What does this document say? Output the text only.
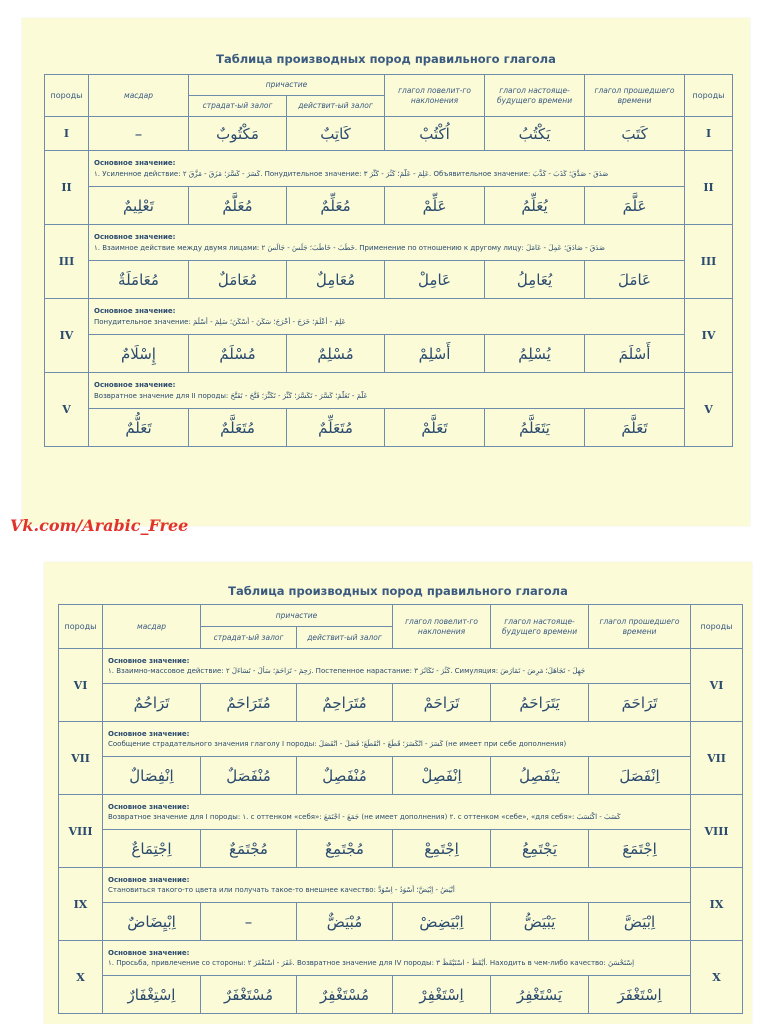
Таблица производных пород правильного глагола
породы	масдар	причастие		глагол повелит-го наклонения	глагол настояще-будущего времени	глагол прошедшего времени	породы
		страдат-ый залог	действит-ый залог				
I	–	مَكْتُوبٌ	كَاتِبٌ	اُكْتُبْ	يَكْتُبُ	كَتَبَ	I
II	Основное значение:
١. Усиленное действие: كَسَرَ - كَسَّرَ؛ مَزَقَ - مَزَّقَ ٢. Понудительное значение: عَلِمَ - عَلَّمَ؛ كَثُرَ - كَثَّرَ ٣. Объявительное значение: صَدَقَ - صَدَّقَ؛ كَذَبَ - كَذَّبَ						II
	تَعْلِيمٌ	مُعَلَّمٌ	مُعَلِّمٌ	عَلِّمْ	يُعَلِّمُ	عَلَّمَ	
III	Основное значение:
١. Взаимное действие между двумя лицами: خَطَبَ - خَاطَبَ؛ جَلَسَ - جَالَسَ ٢. Применение по отношению к другому лицу: صَدَقَ - صَادَقَ؛ عَمِلَ - عَامَلَ						III
	مُعَامَلَةٌ	مُعَامَلٌ	مُعَامِلٌ	عَامِلْ	يُعَامِلُ	عَامَلَ	
IV	Основное значение:
Понудительное значение: عَلِمَ - أَعْلَمَ؛ خَرَجَ - أَخْرَجَ؛ سَكَنَ - أَسْكَنَ؛ سَلِمَ - أَسْلَمَ						IV
	إِسْلَامٌ	مُسْلَمٌ	مُسْلِمٌ	أَسْلِمْ	يُسْلِمُ	أَسْلَمَ	
V	Основное значение:
Возвратное значение для II породы: عَلَّمَ - تَعَلَّمَ؛ كَسَّرَ - تَكَسَّرَ؛ كَثَّرَ - تَكَثَّرَ؛ فَتَّحَ - تَفَتَّحَ						V
	تَعَلُّمٌ	مُتَعَلَّمٌ	مُتَعَلِّمٌ	تَعَلَّمْ	يَتَعَلَّمُ	تَعَلَّمَ	
Vk.com/Arabic_Free
Таблица производных пород правильного глагола
породы	масдар	причастие		глагол повелит-го наклонения	глагол настояще-будущего времени	глагол прошедшего времени	породы
		страдат-ый залог	действит-ый залог				
VI	Основное значение:
١. Взаимно-массовое действие: رَحِمَ - تَرَاحَمَ؛ سَأَلَ - تَسَاءَلَ ٢. Постепенное нарастание: كَثُرَ - تَكَاثَرَ ٣. Симуляция: جَهِلَ - تَجَاهَلَ؛ مَرِضَ - تَمَارَضَ						VI
	تَرَاحُمٌ	مُتَرَاحَمٌ	مُتَرَاحِمٌ	تَرَاحَمْ	يَتَرَاحَمُ	تَرَاحَمَ	
VII	Основное значение:
Сообщение страдательного значения глаголу I породы: كَسَرَ - انْكَسَرَ؛ قَطَعَ - انْقَطَعَ؛ فَصَلَ - انْفَصَلَ (не имеет при себе дополнения)						VII
	اِنْفِصَالٌ	مُنْفَصَلٌ	مُنْفَصِلٌ	اِنْفَصِلْ	يَنْفَصِلُ	اِنْفَصَلَ	
VIII	Основное значение:
Возвратное значение для I породы: ١. с оттенком «себя»: جَمَعَ - اجْتَمَعَ (не имеет дополнения) ٢. с оттенком «себе», «для себя»: كَسَبَ - اكْتَسَبَ						VIII
	اِجْتِمَاعٌ	مُجْتَمَعٌ	مُجْتَمِعٌ	اِجْتَمِعْ	يَجْتَمِعُ	اِجْتَمَعَ	
IX	Основное значение:
Становиться такого-то цвета или получать такое-то внешнее качество: أَبْيَضُ - اِبْيَضَّ؛ أَسْوَدُ - اِسْوَدَّ						IX
	اِبْيِضَاضٌ	–	مُبْيَضٌّ	اِبْيَضِضْ	يَبْيَضُّ	اِبْيَضَّ	
X	Основное значение:
١. Просьба, привлечение со стороны: غَفَرَ - اسْتَغْفَرَ ٢. Возвратное значение для IV породы: أَيْقَظَ - اسْتَيْقَظَ ٣. Находить в чем-либо качество: اِسْتَحْسَنَ						X
	اِسْتِغْفَارٌ	مُسْتَغْفَرٌ	مُسْتَغْفِرٌ	اِسْتَغْفِرْ	يَسْتَغْفِرُ	اِسْتَغْفَرَ	
